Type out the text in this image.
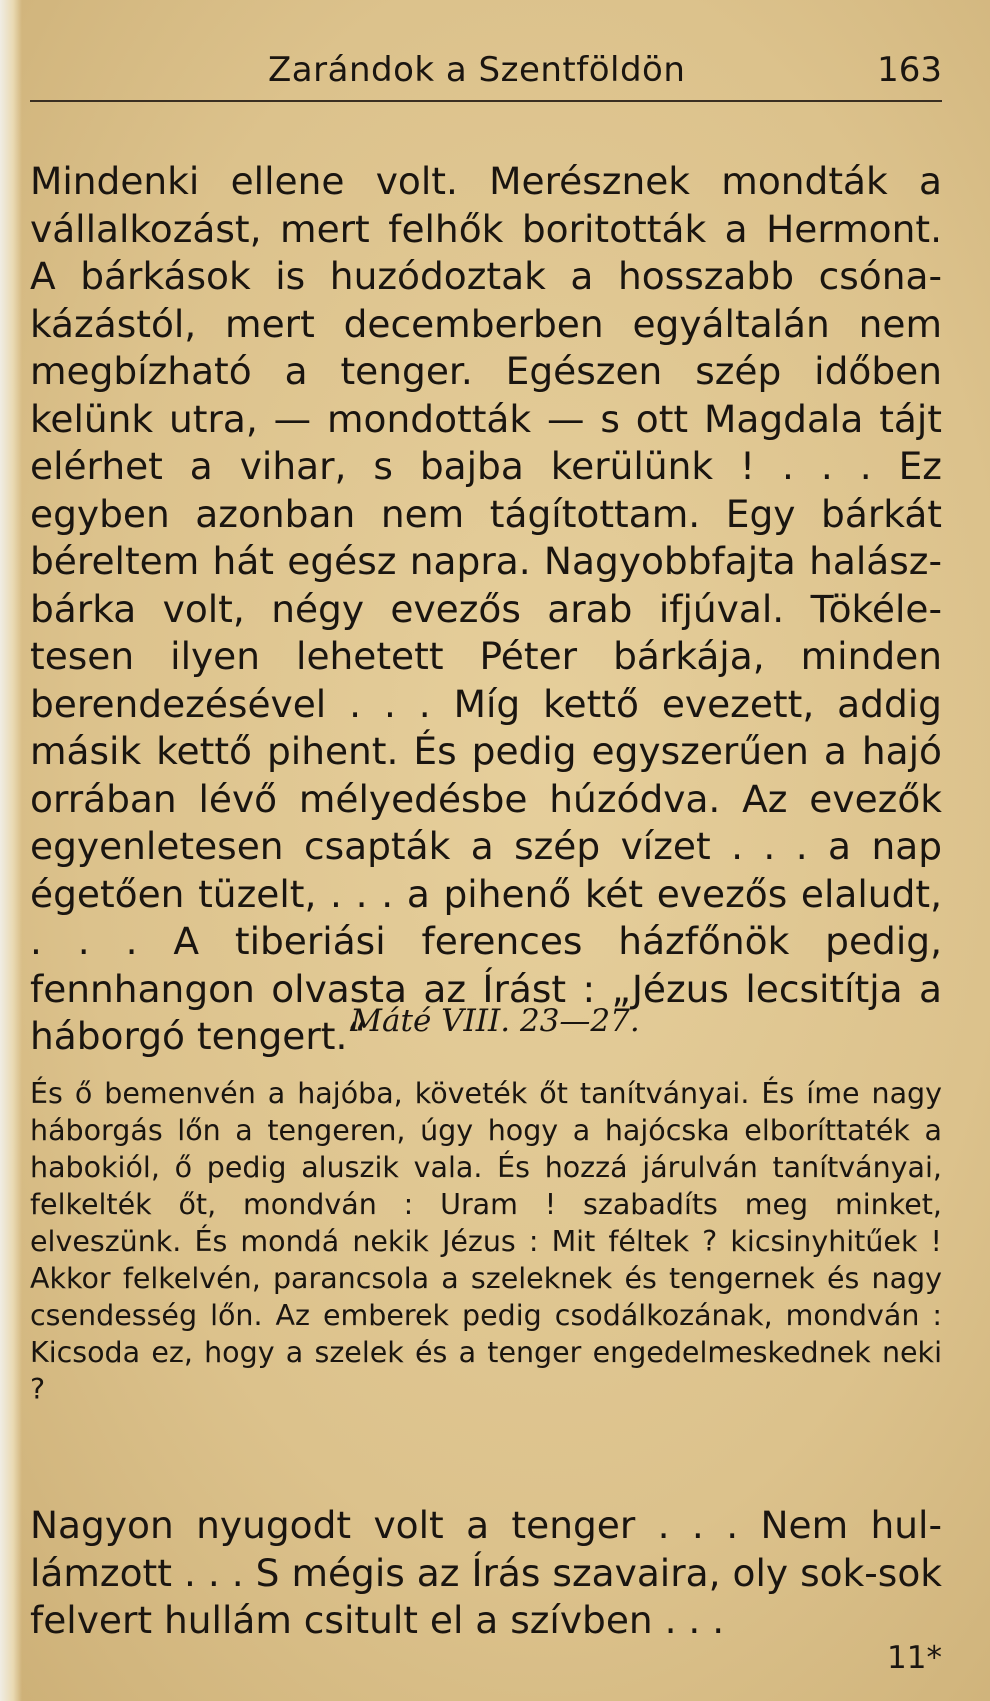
Zarándok a Szentföldön	163

Mindenki ellene volt. Merésznek mondták a vállalkozást, mert felhők boritották a Hermont. A bárkások is huzódoztak a hosszabb csónakázástól, mert decemberben egyáltalán nem megbízható a tenger. Egészen szép időben kelünk utra, — mondották — s ott Magdala tájt elérhet a vihar, s bajba kerülünk ! . . . Ez egyben azonban nem tágítottam. Egy bárkát béreltem hát egész napra. Nagyobbfajta halászbárka volt, négy evezős arab ifjúval. Tökéletesen ilyen lehetett Péter bárkája, minden berendezésével . . . Míg kettő evezett, addig másik kettő pihent. És pedig egyszerűen a hajó orrában lévő mélyedésbe húzódva. Az evezők egyenletesen csapták a szép vízet . . . a nap égetően tüzelt, . . . a pihenő két evezős elaludt, . . . A tiberiási ferences házfőnök pedig, fennhangon olvasta az Írást : „Jézus lecsitítja a háborgó tengert.“

Máté VIII. 23—27.

És ő bemenvén a hajóba, követék őt tanítványai. És íme nagy háborgás lőn a tengeren, úgy hogy a hajócska elboríttaték a habokiól, ő pedig aluszik vala. És hozzá járulván tanítványai, felkelték őt, mondván : Uram ! szabadíts meg minket, elveszünk. És mondá nekik Jézus : Mit féltek ? kicsinyhitűek ! Akkor felkelvén, parancsola a szeleknek és tengernek és nagy csendesség lőn. Az emberek pedig csodálkozának, mondván : Kicsoda ez, hogy a szelek és a tenger engedelmeskednek neki ?

Nagyon nyugodt volt a tenger . . . Nem hullámzott . . . S mégis az Írás szavaira, oly sok-sok felvert hullám csitult el a szívben . . .

11*
